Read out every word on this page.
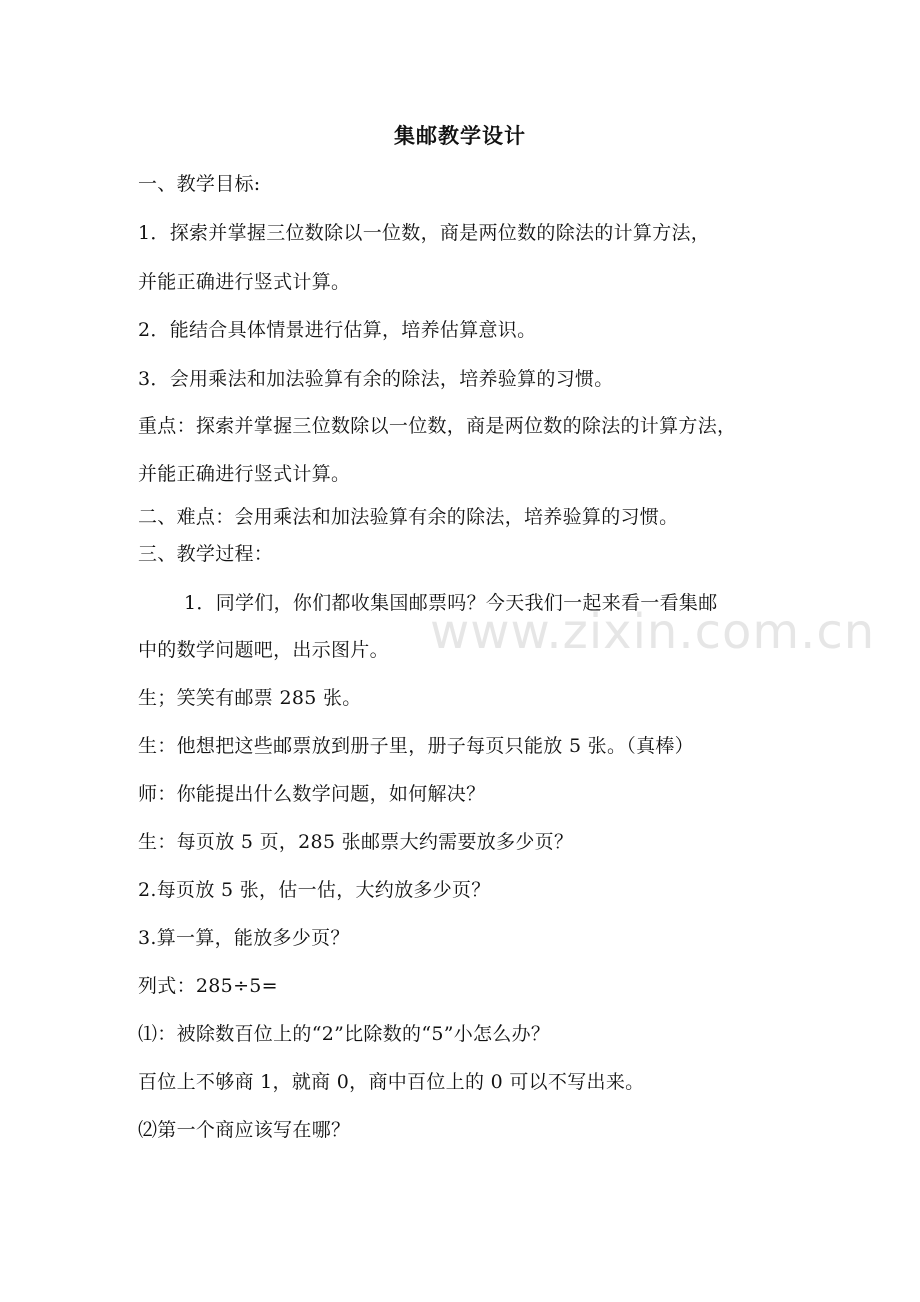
集邮教学设计
一、教学目标:
1．探索并掌握三位数除以一位数，商是两位数的除法的计算方法，
并能正确进行竖式计算。
2．能结合具体情景进行估算，培养估算意识。
3．会用乘法和加法验算有余的除法，培养验算的习惯。
重点：探索并掌握三位数除以一位数，商是两位数的除法的计算方法，
并能正确进行竖式计算。
二、难点：会用乘法和加法验算有余的除法，培养验算的习惯。
三、教学过程：
1．同学们，你们都收集国邮票吗？今天我们一起来看一看集邮
中的数学问题吧，出示图片。
生；笑笑有邮票 285 张。
生：他想把这些邮票放到册子里，册子每页只能放 5 张。（真棒）
师：你能提出什么数学问题，如何解决？
生：每页放 5 页，285 张邮票大约需要放多少页？
2.每页放 5 张，估一估，大约放多少页？
3.算一算，能放多少页？
列式：285÷5=
⑴：被除数百位上的“2”比除数的“5”小怎么办？
百位上不够商 1，就商 0，商中百位上的 0 可以不写出来。
⑵第一个商应该写在哪？
www.zixin.com.cn
